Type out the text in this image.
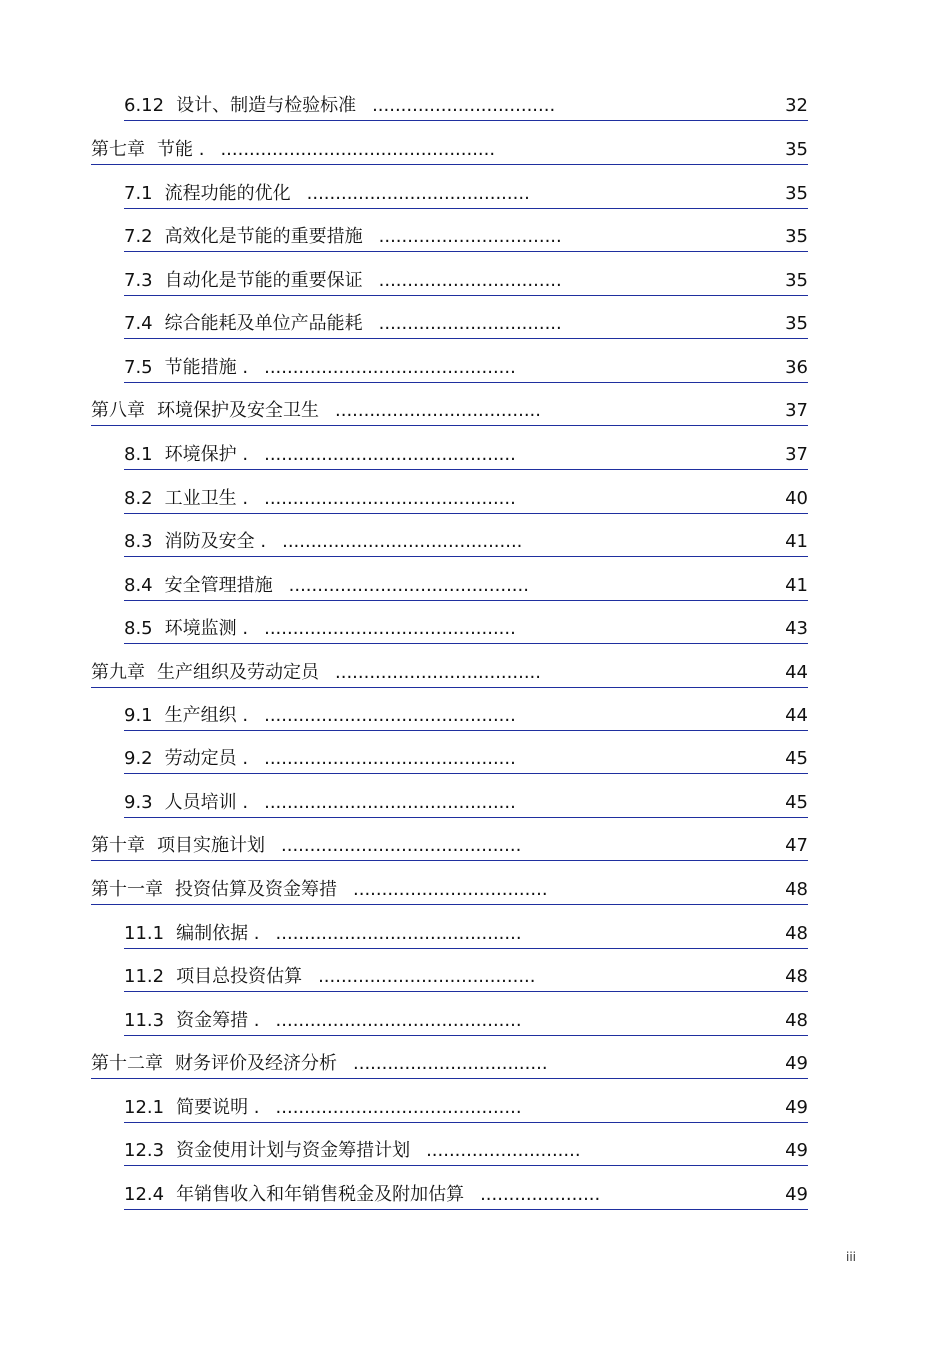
6.12 设计、制造与检验标准 ................................	32
第七章 节能 . ................................................	35
7.1 流程功能的优化 .......................................	35
7.2 高效化是节能的重要措施 ................................	35
7.3 自动化是节能的重要保证 ................................	35
7.4 综合能耗及单位产品能耗 ................................	35
7.5 节能措施 . ............................................	36
第八章 环境保护及安全卫生 ....................................	37
8.1 环境保护 . ............................................	37
8.2 工业卫生 . ............................................	40
8.3 消防及安全 . ..........................................	41
8.4 安全管理措施 ..........................................	41
8.5 环境监测 . ............................................	43
第九章 生产组织及劳动定员 ....................................	44
9.1 生产组织 . ............................................	44
9.2 劳动定员 . ............................................	45
9.3 人员培训 . ............................................	45
第十章 项目实施计划 ..........................................	47
第十一章 投资估算及资金筹措 ..................................	48
11.1 编制依据 . ...........................................	48
11.2 项目总投资估算 ......................................	48
11.3 资金筹措 . ...........................................	48
第十二章 财务评价及经济分析 ..................................	49
12.1 简要说明 . ...........................................	49
12.3 资金使用计划与资金筹措计划 ...........................	49
12.4 年销售收入和年销售税金及附加估算 .....................	49
iii
